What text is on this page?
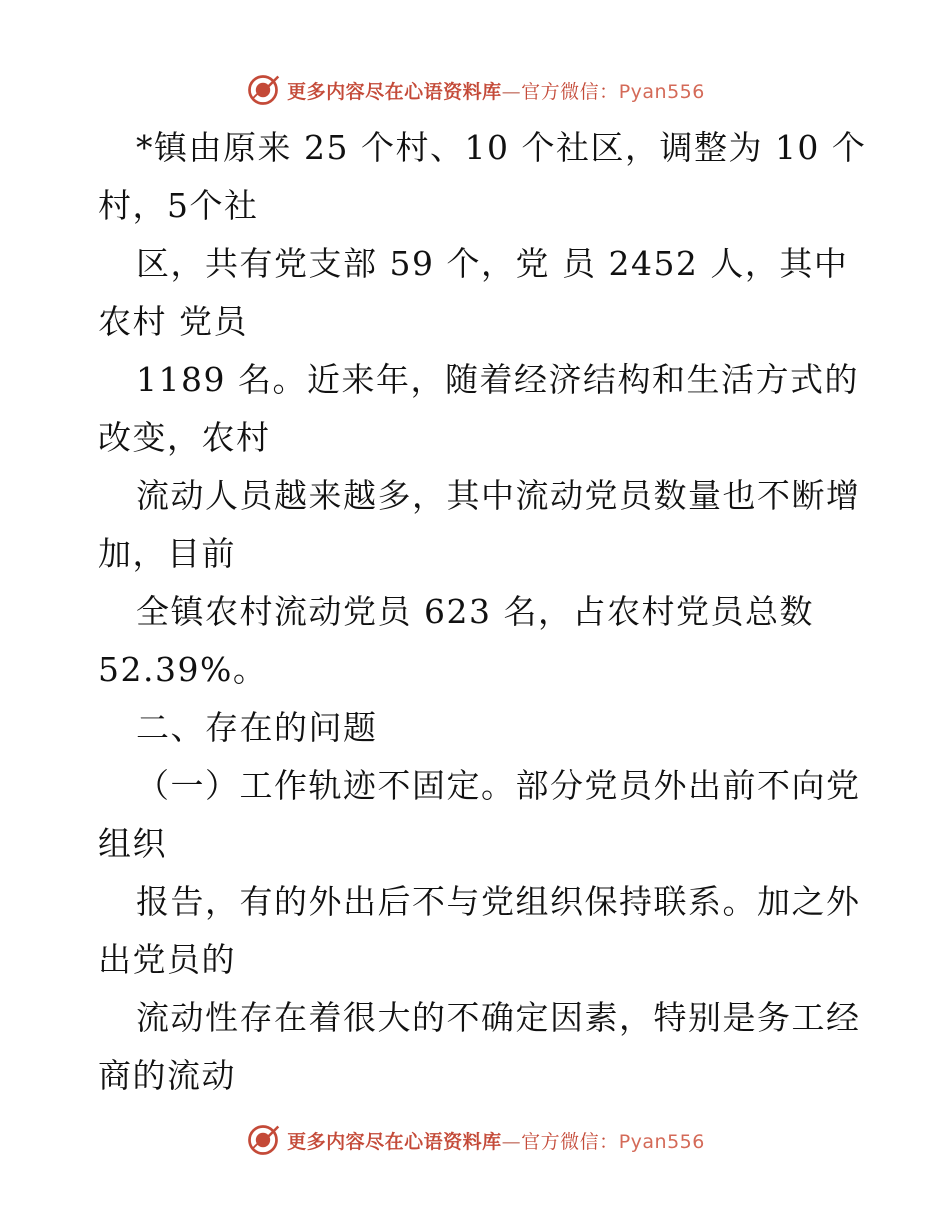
更多内容尽在心语资料库—官方微信：Pyan556
*镇由原来 25 个村、10 个社区，调整为 10 个
村，5个社
区，共有党支部 59 个，党 员 2452 人，其中
农村 党员
1189 名。近来年，随着经济结构和生活方式的
改变，农村
流动人员越来越多，其中流动党员数量也不断增
加，目前
全镇农村流动党员 623 名，占农村党员总数
52.39%。
二、存在的问题
（一）工作轨迹不固定。部分党员外出前不向党
组织
报告，有的外出后不与党组织保持联系。加之外
出党员的
流动性存在着很大的不确定因素，特别是务工经
商的流动
更多内容尽在心语资料库—官方微信：Pyan556
